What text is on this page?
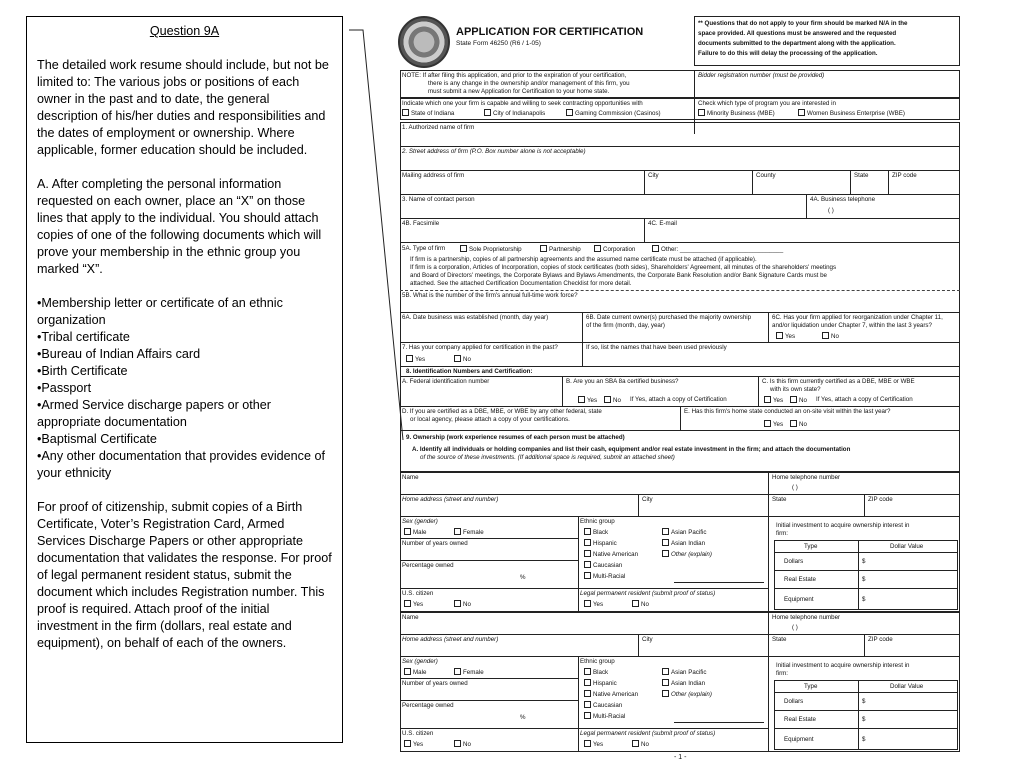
Question 9A

The detailed work resume should include, but not be limited to: The various jobs or positions of each owner in the past and to date, the general description of his/her duties and responsibilities and the dates of employment or ownership. Where applicable, former education should be included.

A. After completing the personal information requested on each owner, place an “X” on those lines that apply to the individual. You should attach copies of one of the following documents which will prove your membership in the ethnic group you marked “X”.

•Membership letter or certificate of an ethnic organization
•Tribal certificate
•Bureau of Indian Affairs card
•Birth Certificate
•Passport
•Armed Service discharge papers or other appropriate documentation
•Baptismal Certificate
•Any other documentation that provides evidence of your ethnicity

For proof of citizenship, submit copies of a Birth Certificate, Voter’s Registration Card, Armed Services Discharge Papers or other appropriate documentation that validates the response. For proof of legal permanent resident status, submit the document which includes Registration number. This proof is required. Attach proof of the initial investment in the firm (dollars, real estate and equipment), on behalf of each of the owners.

APPLICATION FOR CERTIFICATION
State Form 46250 (R6 / 1-05)
** Questions that do not apply to your firm should be marked N/A in the
space provided. All questions must be answered and the requested
documents submitted to the department along with the application.
Failure to do this will delay the processing of the application.
NOTE: If after filing this application, and prior to the expiration of your certification,
there is any change in the ownership and/or management of this firm, you
must submit a new Application for Certification to your home state.
Bidder registration number (must be provided)
Indicate which one your firm is capable and willing to seek contracting opportunities with
State of Indiana	City of Indianapolis	Gaming Commission (Casinos)
Check which type of program you are interested in
Minority Business (MBE)	Women Business Enterprise (WBE)
1. Authorized name of firm
2. Street address of firm (P.O. Box number alone is not acceptable)
Mailing address of firm	City	County	State	ZIP code
3. Name of contact person	4A. Business telephone
( )
4B. Facsimile	4C. E-mail
5A. Type of firm	Sole Proprietorship	Partnership	Corporation	Other: ______________________________
If firm is a partnership, copies of all partnership agreements and the assumed name certificate must be attached (if applicable).
If firm is a corporation, Articles of Incorporation, copies of stock certificates (both sides), Shareholders' Agreement, all minutes of the shareholders' meetings
and Board of Directors' meetings, the Corporate Bylaws and Bylaws Amendments, the Corporate Bank Resolution and/or Bank Signature Cards must be
attached. See the attached Certification Documentation Checklist for more detail.
5B. What is the number of the firm's annual full-time work force?
6A. Date business was established (month, day year)	6B. Date current owner(s) purchased the majority ownership
of the firm (month, day, year)
6C. Has your firm applied for reorganization under Chapter 11,
and/or liquidation under Chapter 7, within the last 3 years?
Yes	No
7. Has your company applied for certification in the past?
Yes	No
If so, list the names that have been used previously
8. Identification Numbers and Certification:
A. Federal identification number	B. Are you an SBA 8a certified business?
Yes	No If Yes, attach a copy of Certification
C. Is this firm currently certified as a DBE, MBE or WBE
with its own state?
Yes	No If Yes, attach a copy of Certification
D. If you are certified as a DBE, MBE, or WBE by any other federal, state
or local agency, please attach a copy of your certifications.
E. Has this firm's home state conducted an on-site visit within the last year?
Yes	No
9. Ownership (work experience resumes of each person must be attached)
A. Identify all individuals or holding companies and list their cash, equipment and/or real estate investment in the firm; and attach the documentation
of the source of these investments. (If additional space is required, submit an attached sheet)
Name	Home telephone number
( )
Home address (street and number)	City	State	ZIP code
Sex (gender)
Male	Female
Number of years owned
Percentage owned
%
U.S. citizen
Yes	No
Ethnic group
Black
Hispanic
Native American
Caucasian
Multi-Racial
Asian Pacific
Asian Indian
Other (explain)
Legal permanent resident (submit proof of status)
Yes	No
Initial investment to acquire ownership interest in
firm:
Type	Dollar Value
Dollars	$
Real Estate	$
Equipment	$
Name	Home telephone number
( )
Home address (street and number)	City	State	ZIP code
Sex (gender)
Male	Female
Number of years owned
Percentage owned
%
U.S. citizen
Yes	No
Ethnic group
Black
Hispanic
Native American
Caucasian
Multi-Racial
Asian Pacific
Asian Indian
Other (explain)
Legal permanent resident (submit proof of status)
Yes	No
Initial investment to acquire ownership interest in
firm:
Type	Dollar Value
Dollars	$
Real Estate	$
Equipment	$
- 1 -
